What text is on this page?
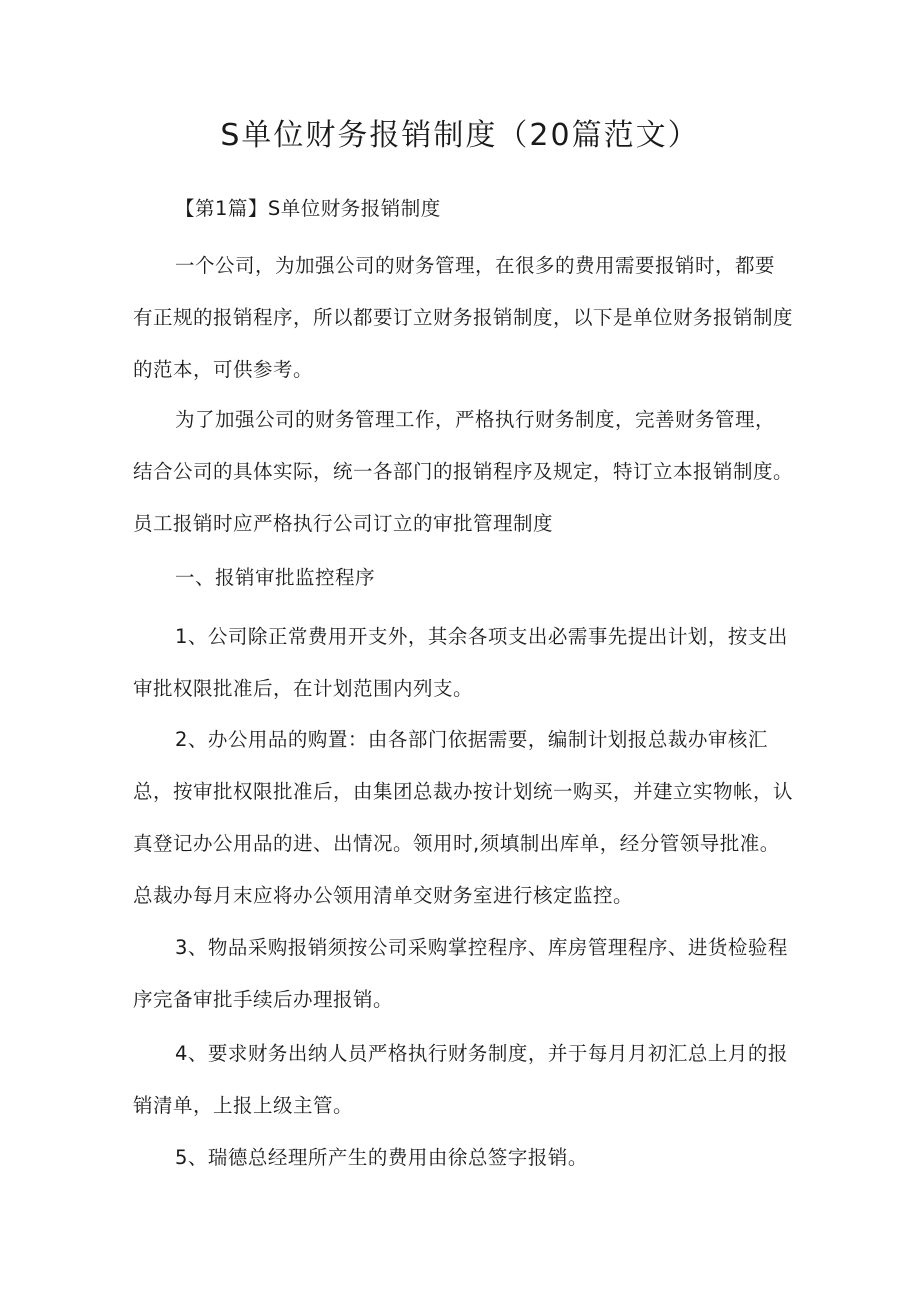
S单位财务报销制度（20篇范文）

【第1篇】S单位财务报销制度

一个公司，为加强公司的财务管理，在很多的费用需要报销时，都要有正规的报销程序，所以都要订立财务报销制度，以下是单位财务报销制度的范本，可供参考。

为了加强公司的财务管理工作，严格执行财务制度，完善财务管理，结合公司的具体实际，统一各部门的报销程序及规定，特订立本报销制度。员工报销时应严格执行公司订立的审批管理制度

一、报销审批监控程序

1、公司除正常费用开支外，其余各项支出必需事先提出计划，按支出审批权限批准后，在计划范围内列支。

2、办公用品的购置：由各部门依据需要，编制计划报总裁办审核汇总，按审批权限批准后，由集团总裁办按计划统一购买，并建立实物帐，认真登记办公用品的进、出情况。领用时,须填制出库单，经分管领导批准。总裁办每月末应将办公领用清单交财务室进行核定监控。

3、物品采购报销须按公司采购掌控程序、库房管理程序、进货检验程序完备审批手续后办理报销。

4、要求财务出纳人员严格执行财务制度，并于每月月初汇总上月的报销清单，上报上级主管。

5、瑞德总经理所产生的费用由徐总签字报销。
